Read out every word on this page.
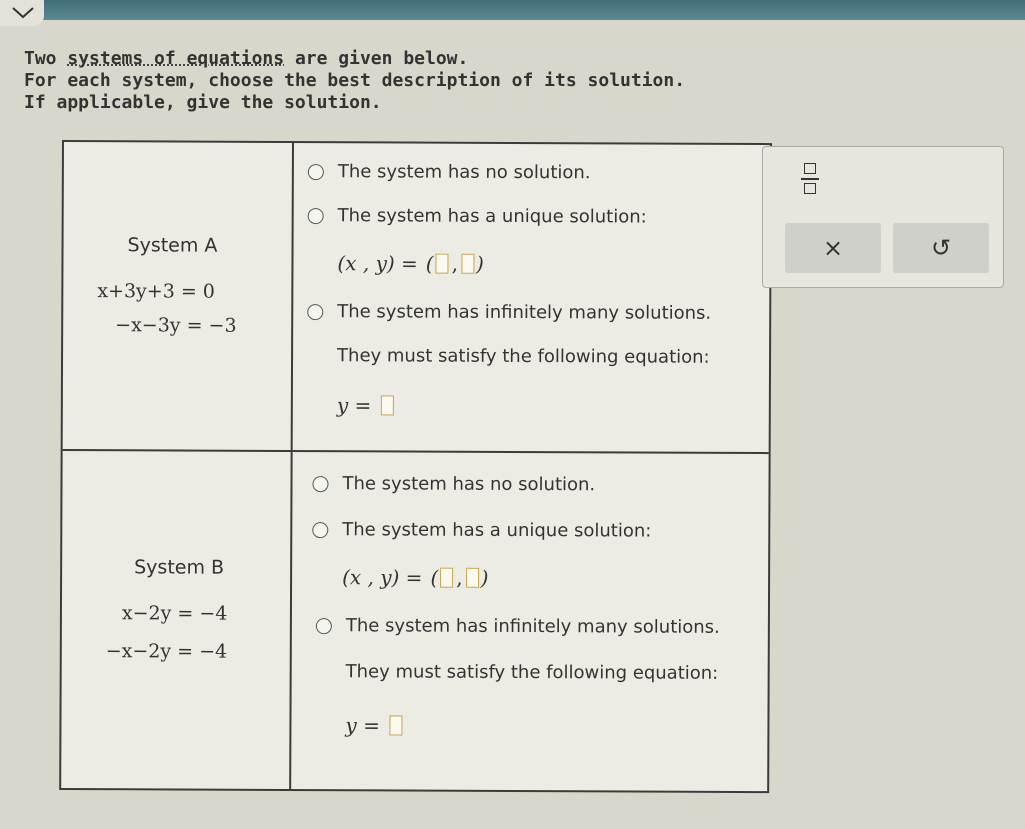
Two systems of equations are given below.
For each system, choose the best description of its solution.
If applicable, give the solution.
System A
x+3y+3 = 0
−x−3y = −3
The system has no solution.
The system has a unique solution:
(x , y) = ( , )
The system has infinitely many solutions.
They must satisfy the following equation:
y =
System B
x−2y = −4
−x−2y = −4
The system has no solution.
The system has a unique solution:
(x , y) = ( , )
The system has infinitely many solutions.
They must satisfy the following equation:
y =
×	↺
